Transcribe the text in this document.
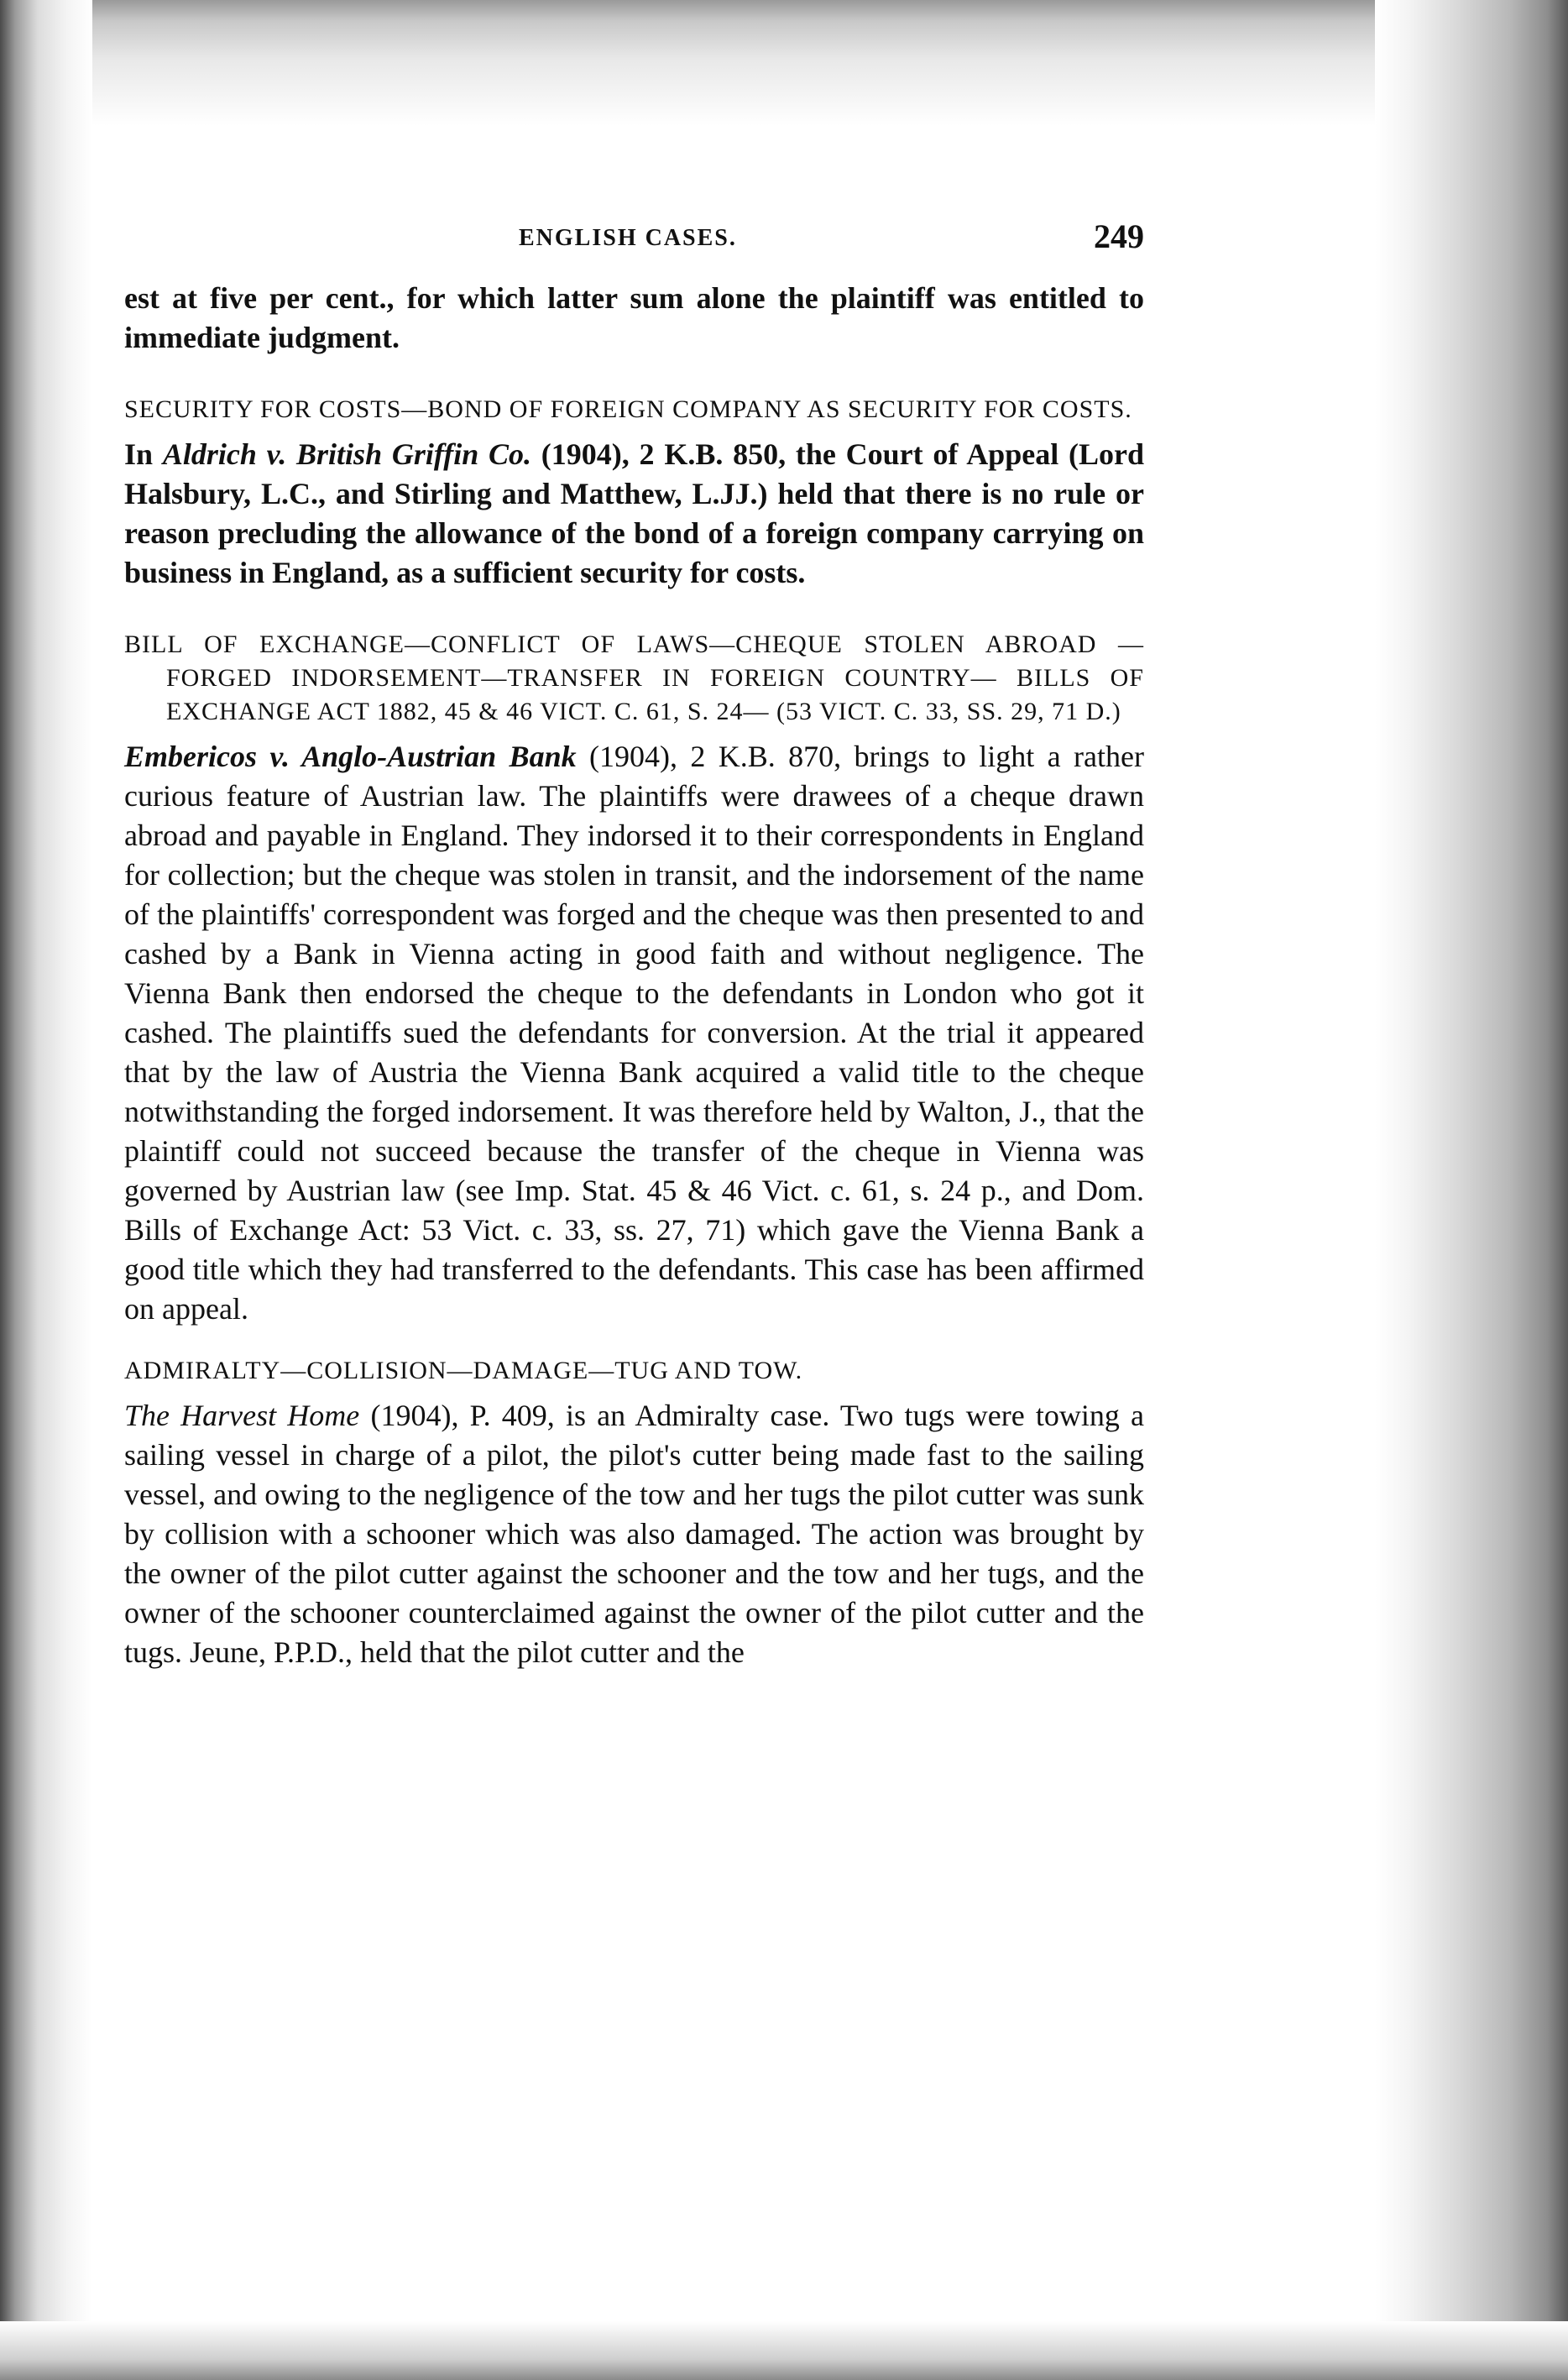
ENGLISH CASES.	249

est at five per cent., for which latter sum alone the plaintiff was entitled to immediate judgment.

SECURITY FOR COSTS—BOND OF FOREIGN COMPANY AS SECURITY FOR COSTS.

In Aldrich v. British Griffin Co. (1904), 2 K.B. 850, the Court of Appeal (Lord Halsbury, L.C., and Stirling and Matthew, L.JJ.) held that there is no rule or reason precluding the allowance of the bond of a foreign company carrying on business in England, as a sufficient security for costs.

BILL OF EXCHANGE—CONFLICT OF LAWS—CHEQUE STOLEN ABROAD —FORGED INDORSEMENT—TRANSFER IN FOREIGN COUNTRY— BILLS OF EXCHANGE ACT 1882, 45 & 46 VICT. C. 61, S. 24— (53 VICT. C. 33, SS. 29, 71 D.)

Embericos v. Anglo-Austrian Bank (1904), 2 K.B. 870, brings to light a rather curious feature of Austrian law. The plaintiffs were drawees of a cheque drawn abroad and payable in England. They indorsed it to their correspondents in England for collection; but the cheque was stolen in transit, and the indorsement of the name of the plaintiffs' correspondent was forged and the cheque was then presented to and cashed by a Bank in Vienna acting in good faith and without negligence. The Vienna Bank then endorsed the cheque to the defendants in London who got it cashed. The plaintiffs sued the defendants for conversion. At the trial it appeared that by the law of Austria the Vienna Bank acquired a valid title to the cheque notwithstanding the forged indorsement. It was therefore held by Walton, J., that the plaintiff could not succeed because the transfer of the cheque in Vienna was governed by Austrian law (see Imp. Stat. 45 & 46 Vict. c. 61, s. 24 p., and Dom. Bills of Exchange Act: 53 Vict. c. 33, ss. 27, 71) which gave the Vienna Bank a good title which they had transferred to the defendants. This case has been affirmed on appeal.

ADMIRALTY—COLLISION—DAMAGE—TUG AND TOW.

The Harvest Home (1904), P. 409, is an Admiralty case. Two tugs were towing a sailing vessel in charge of a pilot, the pilot's cutter being made fast to the sailing vessel, and owing to the negligence of the tow and her tugs the pilot cutter was sunk by collision with a schooner which was also damaged. The action was brought by the owner of the pilot cutter against the schooner and the tow and her tugs, and the owner of the schooner counterclaimed against the owner of the pilot cutter and the tugs. Jeune, P.P.D., held that the pilot cutter and the
